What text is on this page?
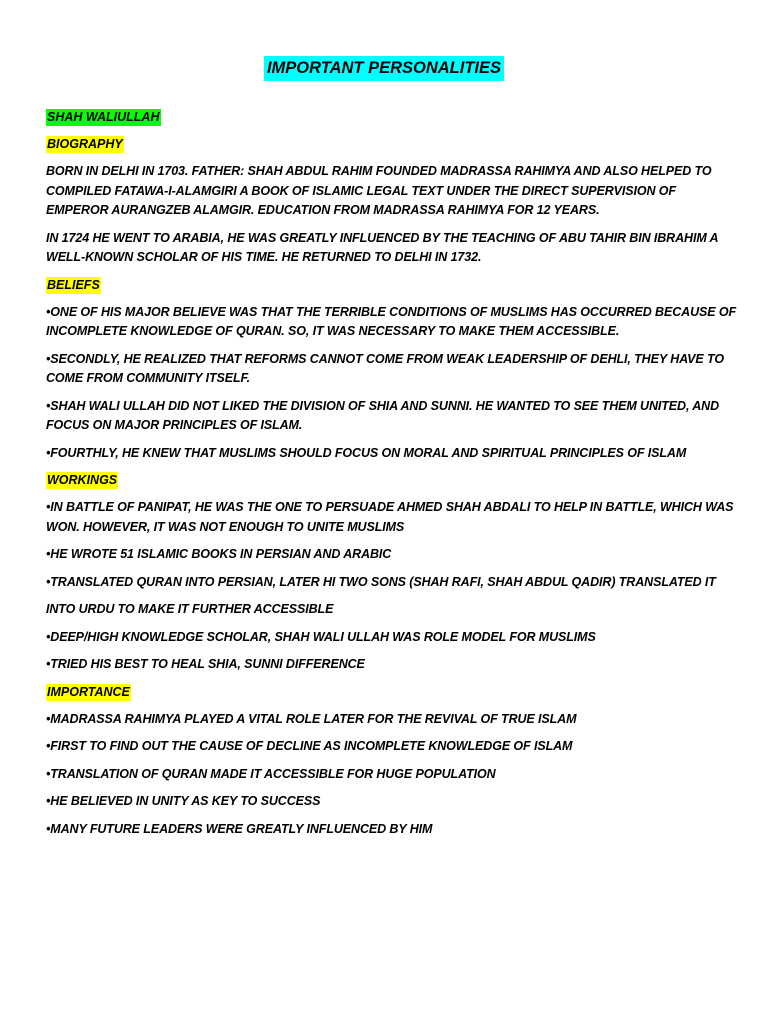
IMPORTANT PERSONALITIES

SHAH WALIULLAH

BIOGRAPHY

BORN IN DELHI IN 1703. FATHER: SHAH ABDUL RAHIM FOUNDED MADRASSA RAHIMYA AND ALSO HELPED TO COMPILED FATAWA-I-ALAMGIRI A BOOK OF ISLAMIC LEGAL TEXT UNDER THE DIRECT SUPERVISION OF EMPEROR AURANGZEB ALAMGIR. EDUCATION FROM MADRASSA RAHIMYA FOR 12 YEARS.

IN 1724 HE WENT TO ARABIA, HE WAS GREATLY INFLUENCED BY THE TEACHING OF ABU TAHIR BIN IBRAHIM A WELL-KNOWN SCHOLAR OF HIS TIME. HE RETURNED TO DELHI IN 1732.

BELIEFS

•ONE OF HIS MAJOR BELIEVE WAS THAT THE TERRIBLE CONDITIONS OF MUSLIMS HAS OCCURRED BECAUSE OF INCOMPLETE KNOWLEDGE OF QURAN. SO, IT WAS NECESSARY TO MAKE THEM ACCESSIBLE.

•SECONDLY, HE REALIZED THAT REFORMS CANNOT COME FROM WEAK LEADERSHIP OF DEHLI, THEY HAVE TO COME FROM COMMUNITY ITSELF.

•SHAH WALI ULLAH DID NOT LIKED THE DIVISION OF SHIA AND SUNNI. HE WANTED TO SEE THEM UNITED, AND FOCUS ON MAJOR PRINCIPLES OF ISLAM.

•FOURTHLY, HE KNEW THAT MUSLIMS SHOULD FOCUS ON MORAL AND SPIRITUAL PRINCIPLES OF ISLAM

WORKINGS

•IN BATTLE OF PANIPAT, HE WAS THE ONE TO PERSUADE AHMED SHAH ABDALI TO HELP IN BATTLE, WHICH WAS WON. HOWEVER, IT WAS NOT ENOUGH TO UNITE MUSLIMS

•HE WROTE 51 ISLAMIC BOOKS IN PERSIAN AND ARABIC

•TRANSLATED QURAN INTO PERSIAN, LATER HI TWO SONS (SHAH RAFI, SHAH ABDUL QADIR) TRANSLATED IT

INTO URDU TO MAKE IT FURTHER ACCESSIBLE

•DEEP/HIGH KNOWLEDGE SCHOLAR, SHAH WALI ULLAH WAS ROLE MODEL FOR MUSLIMS

•TRIED HIS BEST TO HEAL SHIA, SUNNI DIFFERENCE

IMPORTANCE

•MADRASSA RAHIMYA PLAYED A VITAL ROLE LATER FOR THE REVIVAL OF TRUE ISLAM

•FIRST TO FIND OUT THE CAUSE OF DECLINE AS INCOMPLETE KNOWLEDGE OF ISLAM

•TRANSLATION OF QURAN MADE IT ACCESSIBLE FOR HUGE POPULATION

•HE BELIEVED IN UNITY AS KEY TO SUCCESS

•MANY FUTURE LEADERS WERE GREATLY INFLUENCED BY HIM
